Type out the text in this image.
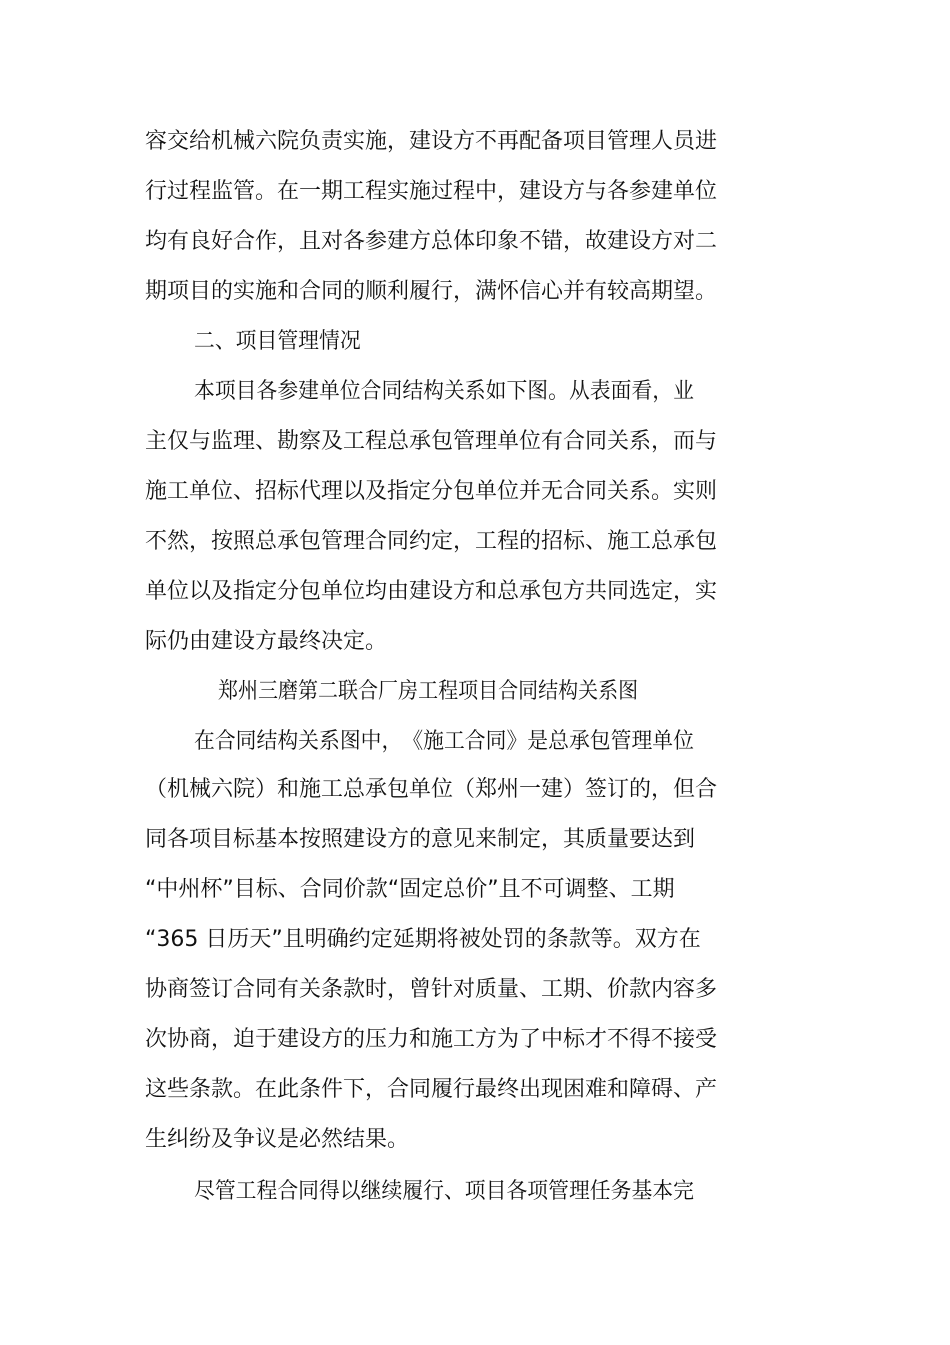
容交给机械六院负责实施，建设方不再配备项目管理人员进
行过程监管。在一期工程实施过程中，建设方与各参建单位
均有良好合作，且对各参建方总体印象不错，故建设方对二
期项目的实施和合同的顺利履行，满怀信心并有较高期望。
二、项目管理情况
本项目各参建单位合同结构关系如下图。从表面看，业
主仅与监理、勘察及工程总承包管理单位有合同关系，而与
施工单位、招标代理以及指定分包单位并无合同关系。实则
不然，按照总承包管理合同约定，工程的招标、施工总承包
单位以及指定分包单位均由建设方和总承包方共同选定，实
际仍由建设方最终决定。
郑州三磨第二联合厂房工程项目合同结构关系图
在合同结构关系图中，　《施工合同》是总承包管理单位
（机械六院）和施工总承包单位（郑州一建）签订的，但合
同各项目标基本按照建设方的意见来制定，其质量要达到
“中州杯”目标、合同价款“固定总价”且不可调整、工期
“365 日历天”且明确约定延期将被处罚的条款等。双方在
协商签订合同有关条款时，曾针对质量、工期、价款内容多
次协商，迫于建设方的压力和施工方为了中标才不得不接受
这些条款。在此条件下，合同履行最终出现困难和障碍、产
生纠纷及争议是必然结果。
尽管工程合同得以继续履行、项目各项管理任务基本完
